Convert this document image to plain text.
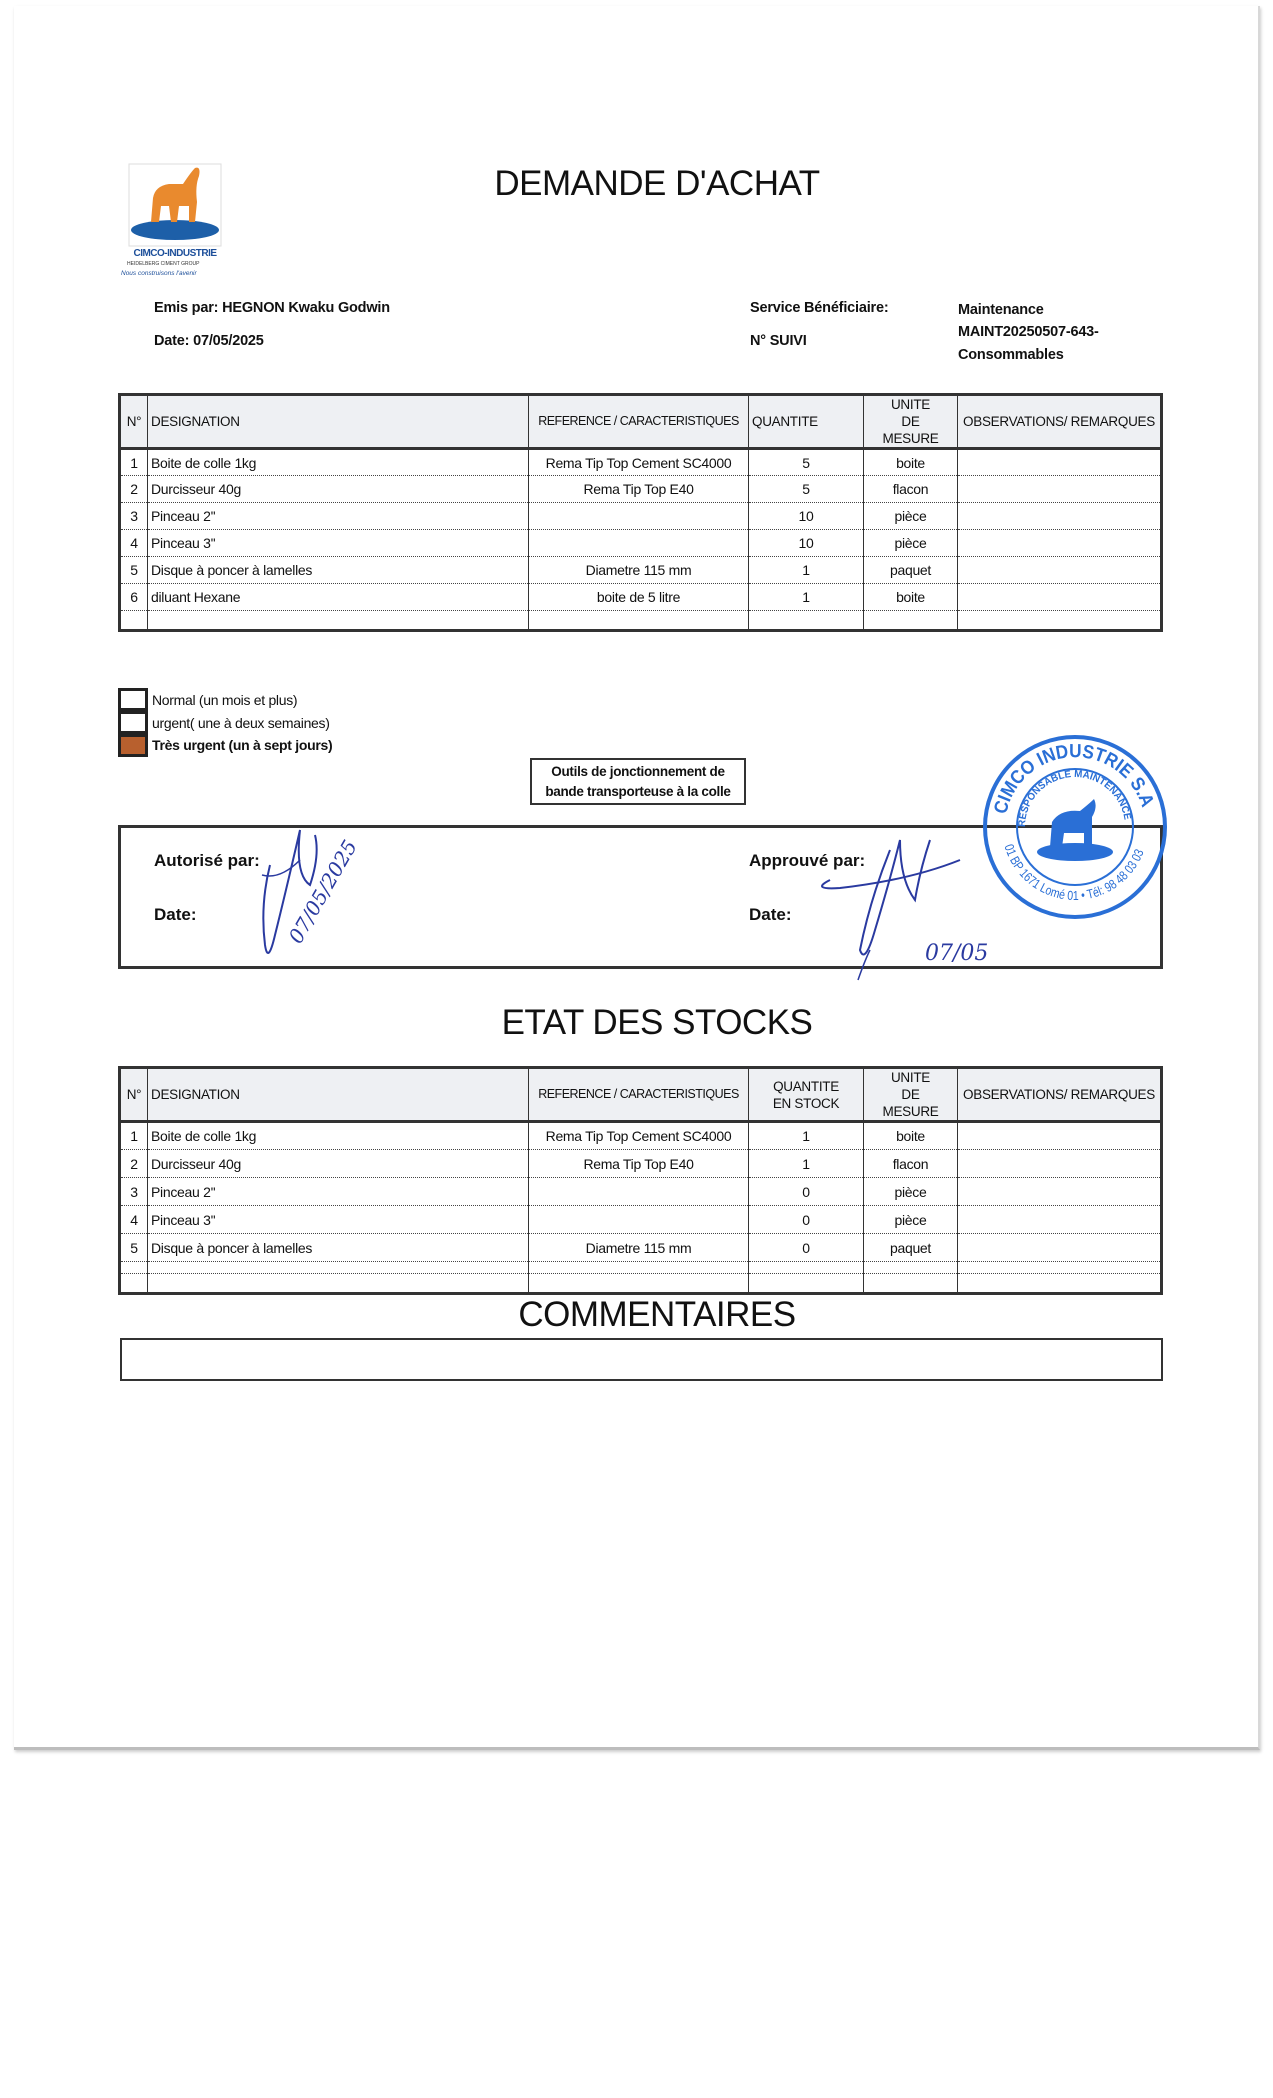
CIMCO-INDUSTRIE
HEIDELBERG CIMENT GROUP
Nous construisons l'avenir
DEMANDE D'ACHAT
Emis par: HEGNON Kwaku Godwin
Date: 07/05/2025
Service Bénéficiaire:
N° SUIVI
Maintenance
MAINT20250507-643-
Consommables
N°	DESIGNATION	REFERENCE / CARACTERISTIQUES	QUANTITE	UNITE DE MESURE	OBSERVATIONS/ REMARQUES
1	Boite de colle 1kg	Rema Tip Top Cement SC4000	5	boite	
2	Durcisseur 40g	Rema Tip Top E40	5	flacon	
3	Pinceau 2''		10	pièce	
4	Pinceau 3''		10	pièce	
5	Disque à poncer à lamelles	Diametre 115 mm	1	paquet	
6	diluant Hexane	boite de 5 litre	1	boite	

Normal (un mois et plus)
urgent( une à deux semaines)
Très urgent (un à sept jours)
Outils de jonctionnement de
bande transporteuse à la colle
Autorisé par:
Date:
Approuvé par:
Date:
07/05/2025
CIMCO INDUSTRIE S.A
RESPONSABLE MAINTENANCE
01 BP 1671 Lomé 01 • Tél: 98 48 03 03
07/05
ETAT DES STOCKS
N°	DESIGNATION	REFERENCE / CARACTERISTIQUES	QUANTITE EN STOCK	UNITE DE MESURE	OBSERVATIONS/ REMARQUES
1	Boite de colle 1kg	Rema Tip Top Cement SC4000	1	boite	
2	Durcisseur 40g	Rema Tip Top E40	1	flacon	
3	Pinceau 2''		0	pièce	
4	Pinceau 3''		0	pièce	
5	Disque à poncer à lamelles	Diametre 115 mm	0	paquet	

COMMENTAIRES
